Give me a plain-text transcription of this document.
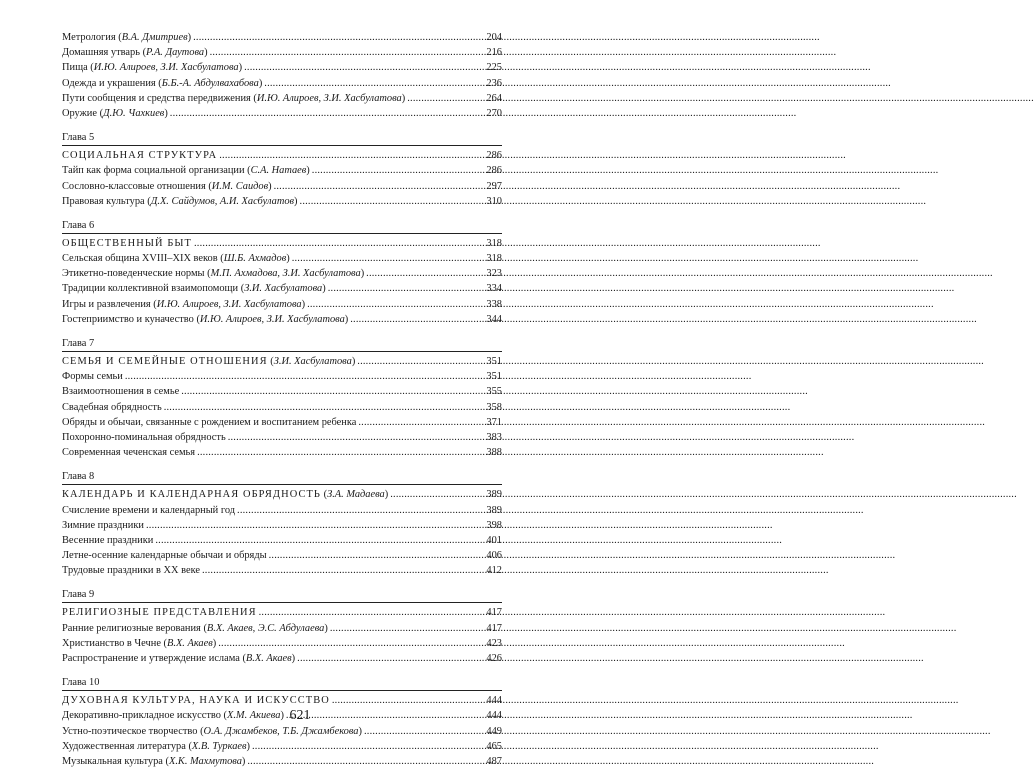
Метрология (В.А. Дмитриев) .....	204
Домашняя утварь (Р.А. Даутова) .....	216
Пища (И.Ю. Алироев, З.И. Хасбулатова) .....	225
Одежда и украшения (Б.Б.-А. Абдулвахабова) .....	236
Пути сообщения и средства передвижения (И.Ю. Алироев, З.И. Хасбулатова) .....	264
Оружие (Д.Ю. Чахкиев) .....	270
Глава 5
СОЦИАЛЬНАЯ СТРУКТУРА .....	286
Тайп как форма социальной организации (С.А. Натаев) .....	286
Сословно-классовые отношения (И.М. Саидов) .....	297
Правовая культура (Д.Х. Сайдумов, А.И. Хасбулатов) .....	310
Глава 6
ОБЩЕСТВЕННЫЙ БЫТ .....	318
Сельская община XVIII–XIX веков (Ш.Б. Ахмадов) .....	318
Этикетно-поведенческие нормы (М.П. Ахмадова, З.И. Хасбулатова) .....	323
Традиции коллективной взаимопомощи (З.И. Хасбулатова) .....	334
Игры и развлечения (И.Ю. Алироев, З.И. Хасбулатова) .....	338
Гостеприимство и куначество (И.Ю. Алироев, З.И. Хасбулатова) .....	344
Глава 7
СЕМЬЯ И СЕМЕЙНЫЕ ОТНОШЕНИЯ (З.И. Хасбулатова) .....	351
Формы семьи .....	351
Взаимоотношения в семье .....	355
Свадебная обрядность .....	358
Обряды и обычаи, связанные с рождением и воспитанием ребенка .....	371
Похоронно-поминальная обрядность .....	383
Современная чеченская семья .....	388
Глава 8
КАЛЕНДАРЬ И КАЛЕНДАРНАЯ ОБРЯДНОСТЬ (З.А. Мадаева) .....	389
Счисление времени и календарный год .....	389
Зимние праздники .....	398
Весенние праздники .....	401
Летне-осенние календарные обычаи и обряды .....	406
Трудовые праздники в XX веке .....	412
Глава 9
РЕЛИГИОЗНЫЕ ПРЕДСТАВЛЕНИЯ .....	417
Ранние религиозные верования (В.Х. Акаев, Э.С. Абдулаева) .....	417
Христианство в Чечне (В.Х. Акаев) .....	423
Распространение и утверждение ислама (В.Х. Акаев) .....	426
Глава 10
ДУХОВНАЯ КУЛЬТУРА, НАУКА И ИСКУССТВО .....	444
Декоративно-прикладное искусство (Х.М. Акиева) .....	444
Устно-поэтическое творчество (О.А. Джамбеков, Т.Б. Джамбекова) .....	449
Художественная литература (Х.В. Туркаев) .....	465
Музыкальная культура (Х.К. Махмутова) .....	487
621
